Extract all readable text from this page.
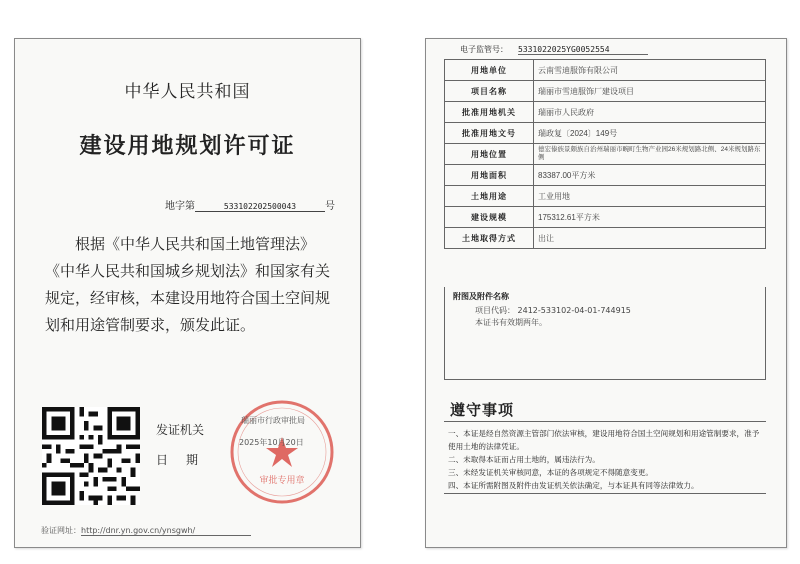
中华人民共和国
建设用地规划许可证
地字第	533102202500043	号

根据《中华人民共和国土地管理法》《中华人民共和国城乡规划法》和国家有关规定，经审核，本建设用地符合国土空间规划和用途管制要求，颁发此证。

发证机关
日期
审批专用章
瑞丽市行政审批局
2025年10月20日
验证网址：http://dnr.yn.gov.cn/ynsgwh/
电子监管号： 5331022025YG0052554
用地单位	云南雪迪服饰有限公司
项目名称	瑞丽市雪迪服饰厂建设项目
批准用地机关	瑞丽市人民政府
批准用地文号	瑞政复〔2024〕149号
用地位置	德宏傣族景颇族自治州瑞丽市畹町生物产业园26米规划路北侧、24米规划路东侧
用地面积	83387.00平方米
土地用途	工业用地
建设规模	175312.61平方米
土地取得方式	出让
附图及附件名称
项目代码： 2412-533102-04-01-744915
本证书有效期两年。
遵守事项
一、本证是经自然资源主管部门依法审核，建设用地符合国土空间规划和用途管制要求，准予使用土地的法律凭证。
二、未取得本证而占用土地的，属违法行为。
三、未经发证机关审核同意，本证的各项规定不得随意变更。
四、本证所需附图及附件由发证机关依法确定，与本证具有同等法律效力。
